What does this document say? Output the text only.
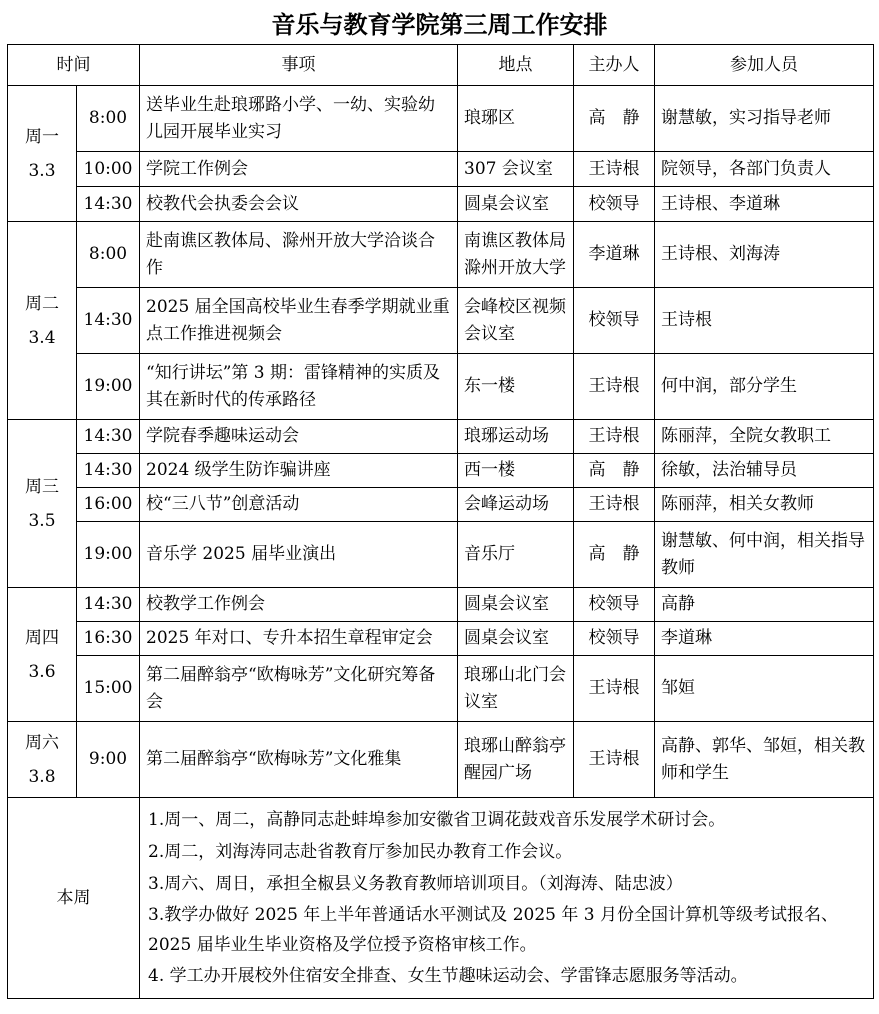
音乐与教育学院第三周工作安排
时间		事项	地点	主办人	参加人员

周一
3.3	8:00	送毕业生赴琅琊路小学、一幼、实验幼儿园开展毕业实习	琅琊区	高　静	谢慧敏，实习指导老师
	10:00	学院工作例会	307 会议室	王诗根	院领导，各部门负责人
	14:30	校教代会执委会会议	圆桌会议室	校领导	王诗根、李道琳

周二
3.4	8:00	赴南谯区教体局、滁州开放大学洽谈合作	南谯区教体局滁州开放大学	李道琳	王诗根、刘海涛
	14:30	2025 届全国高校毕业生春季学期就业重点工作推进视频会	会峰校区视频会议室	校领导	王诗根
	19:00	“知行讲坛”第 3 期：雷锋精神的实质及其在新时代的传承路径	东一楼	王诗根	何中润，部分学生

周三
3.5	14:30	学院春季趣味运动会	琅琊运动场	王诗根	陈丽萍，全院女教职工
	14:30	2024 级学生防诈骗讲座	西一楼	高　静	徐敏，法治辅导员
	16:00	校“三八节”创意活动	会峰运动场	王诗根	陈丽萍，相关女教师
	19:00	音乐学 2025 届毕业演出	音乐厅	高　静	谢慧敏、何中润，相关指导教师

周四
3.6	14:30	校教学工作例会	圆桌会议室	校领导	高静
	16:30	2025 年对口、专升本招生章程审定会	圆桌会议室	校领导	李道琳
	15:00	第二届醉翁亭“欧梅咏芳”文化研究筹备会	琅琊山北门会议室	王诗根	邹姮

周六
3.8	9:00	第二届醉翁亭“欧梅咏芳”文化雅集	琅琊山醉翁亭醒园广场	王诗根	高静、郭华、邹姮，相关教师和学生
本周		1.周一、周二，高静同志赴蚌埠参加安徽省卫调花鼓戏音乐发展学术研讨会。
2.周二，刘海涛同志赴省教育厅参加民办教育工作会议。
3.周六、周日，承担全椒县义务教育教师培训项目。（刘海涛、陆忠波）
3.教学办做好 2025 年上半年普通话水平测试及 2025 年 3 月份全国计算机等级考试报名、2025 届毕业生毕业资格及学位授予资格审核工作。
4. 学工办开展校外住宿安全排查、女生节趣味运动会、学雷锋志愿服务等活动。			
